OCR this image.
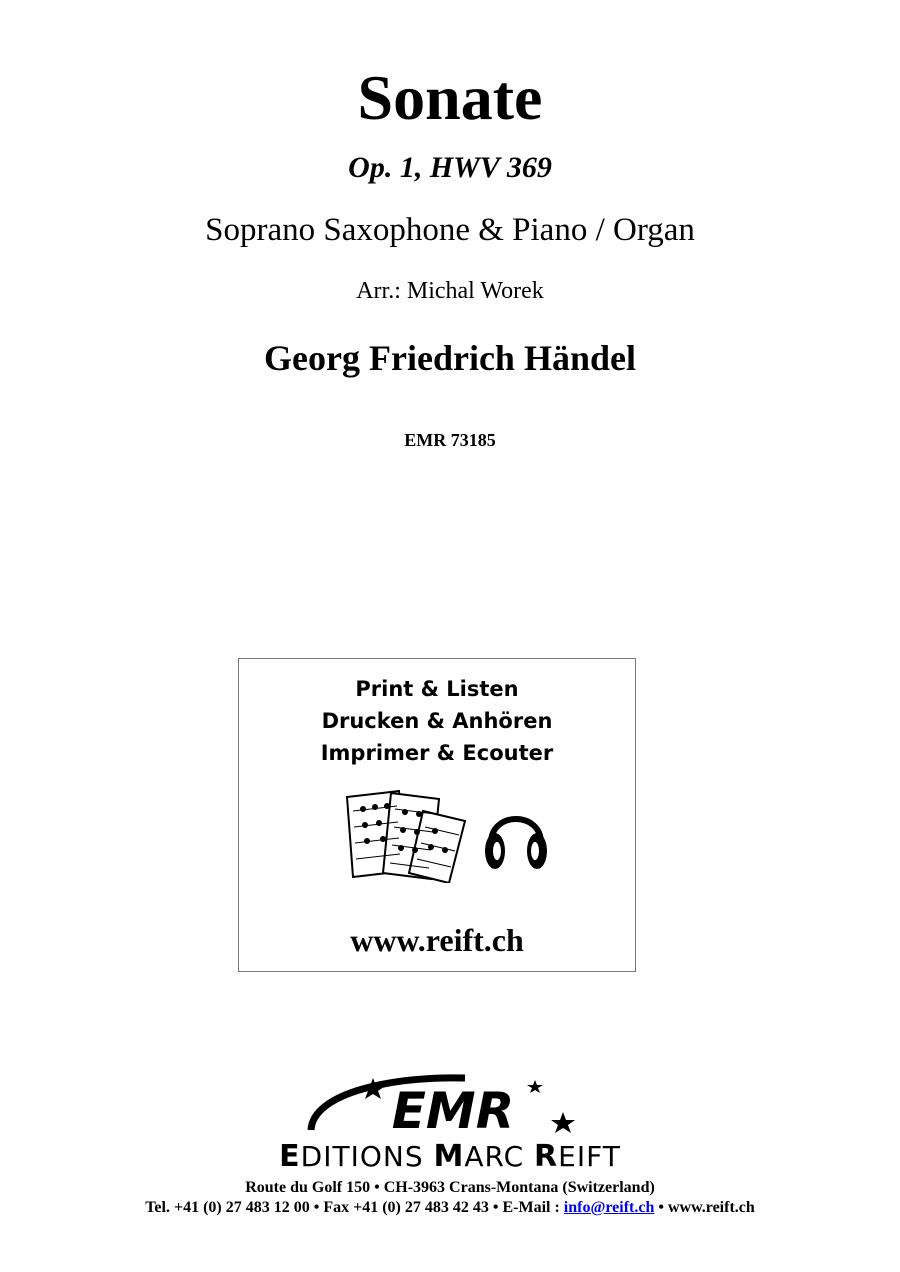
Sonate
Op. 1, HWV 369
Soprano Saxophone & Piano / Organ
Arr.: Michal Worek
Georg Friedrich Händel
EMR 73185
Print & Listen
Drucken & Anhören
Imprimer & Ecouter
www.reift.ch
EMR
EDITIONS MARC REIFT
Route du Golf 150 • CH-3963 Crans-Montana (Switzerland)
Tel. +41 (0) 27 483 12 00 • Fax +41 (0) 27 483 42 43 • E-Mail : info@reift.ch • www.reift.ch
